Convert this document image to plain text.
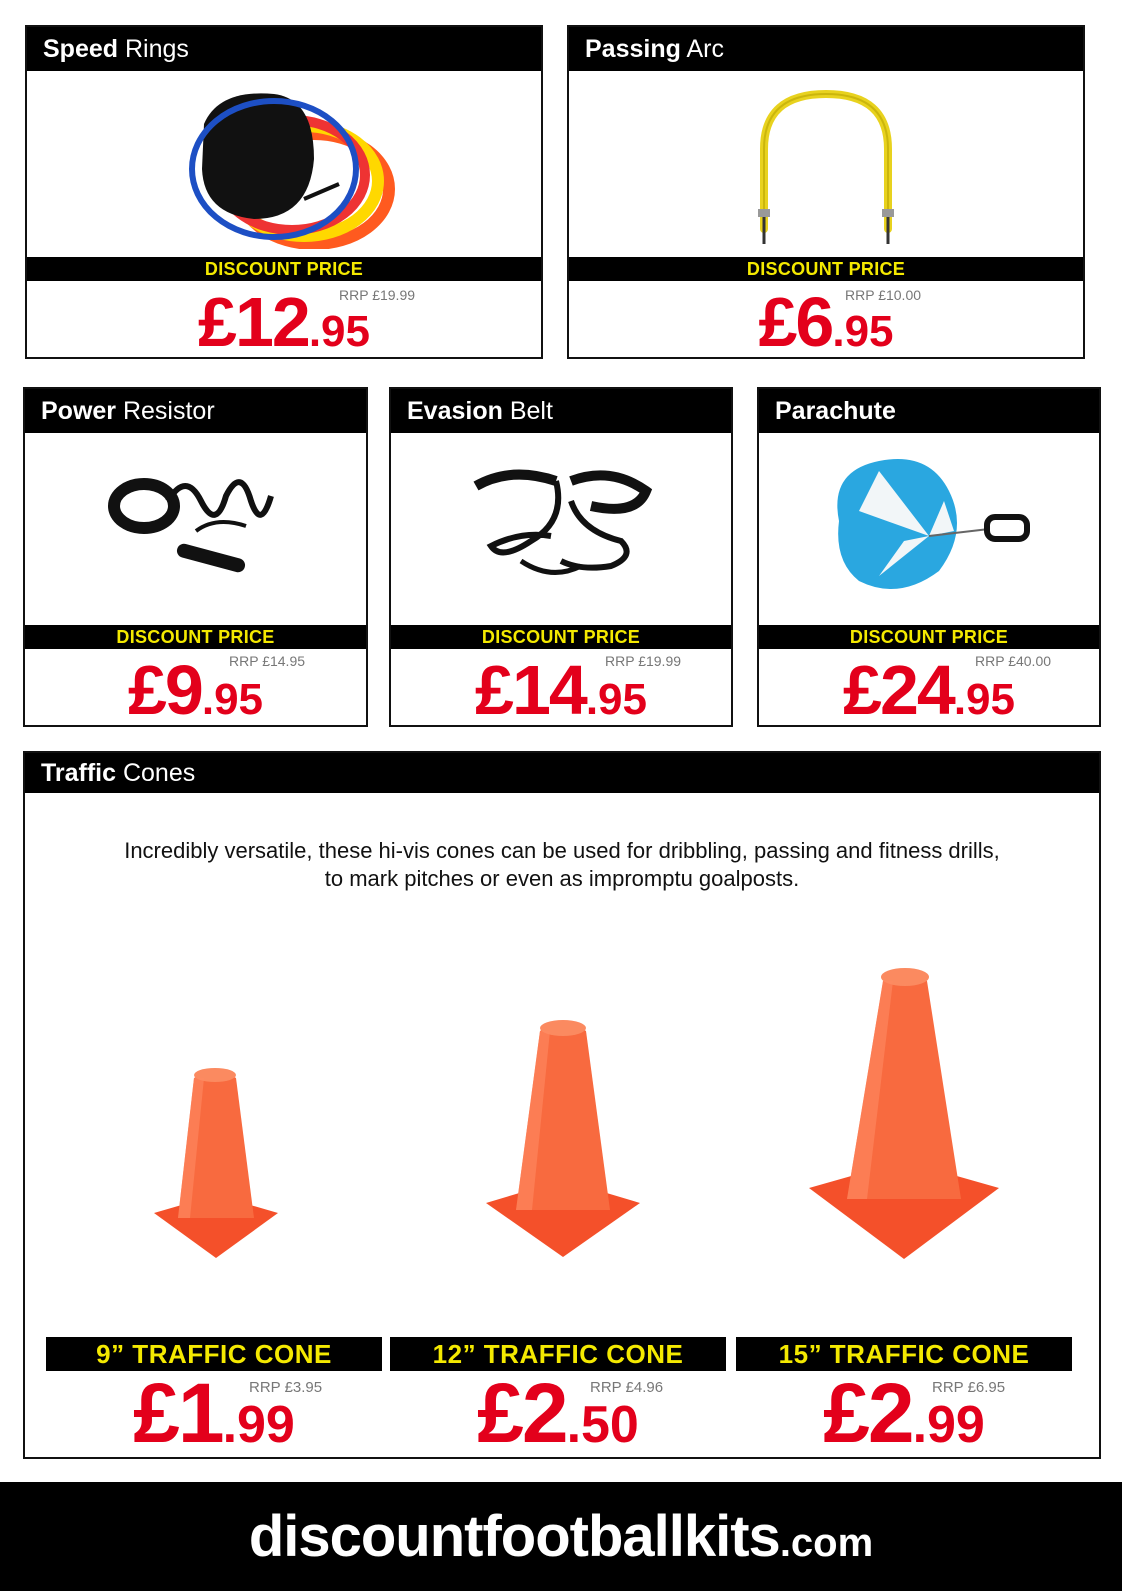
Speed Rings
DISCOUNT PRICE
£12.95
RRP £19.99
Passing Arc
DISCOUNT PRICE
£6.95
RRP £10.00
Power Resistor
DISCOUNT PRICE
£9.95
RRP £14.95
Evasion Belt
DISCOUNT PRICE
£14.95
RRP £19.99
Parachute
DISCOUNT PRICE
£24.95
RRP £40.00
Traffic Cones
Incredibly versatile, these hi-vis cones can be used for dribbling, passing and fitness drills,
to mark pitches or even as impromptu goalposts.
9” TRAFFIC CONE
£1.99
RRP £3.95
12” TRAFFIC CONE
£2.50
RRP £4.96
15” TRAFFIC CONE
£2.99
RRP £6.95
discountfootballkits.com
